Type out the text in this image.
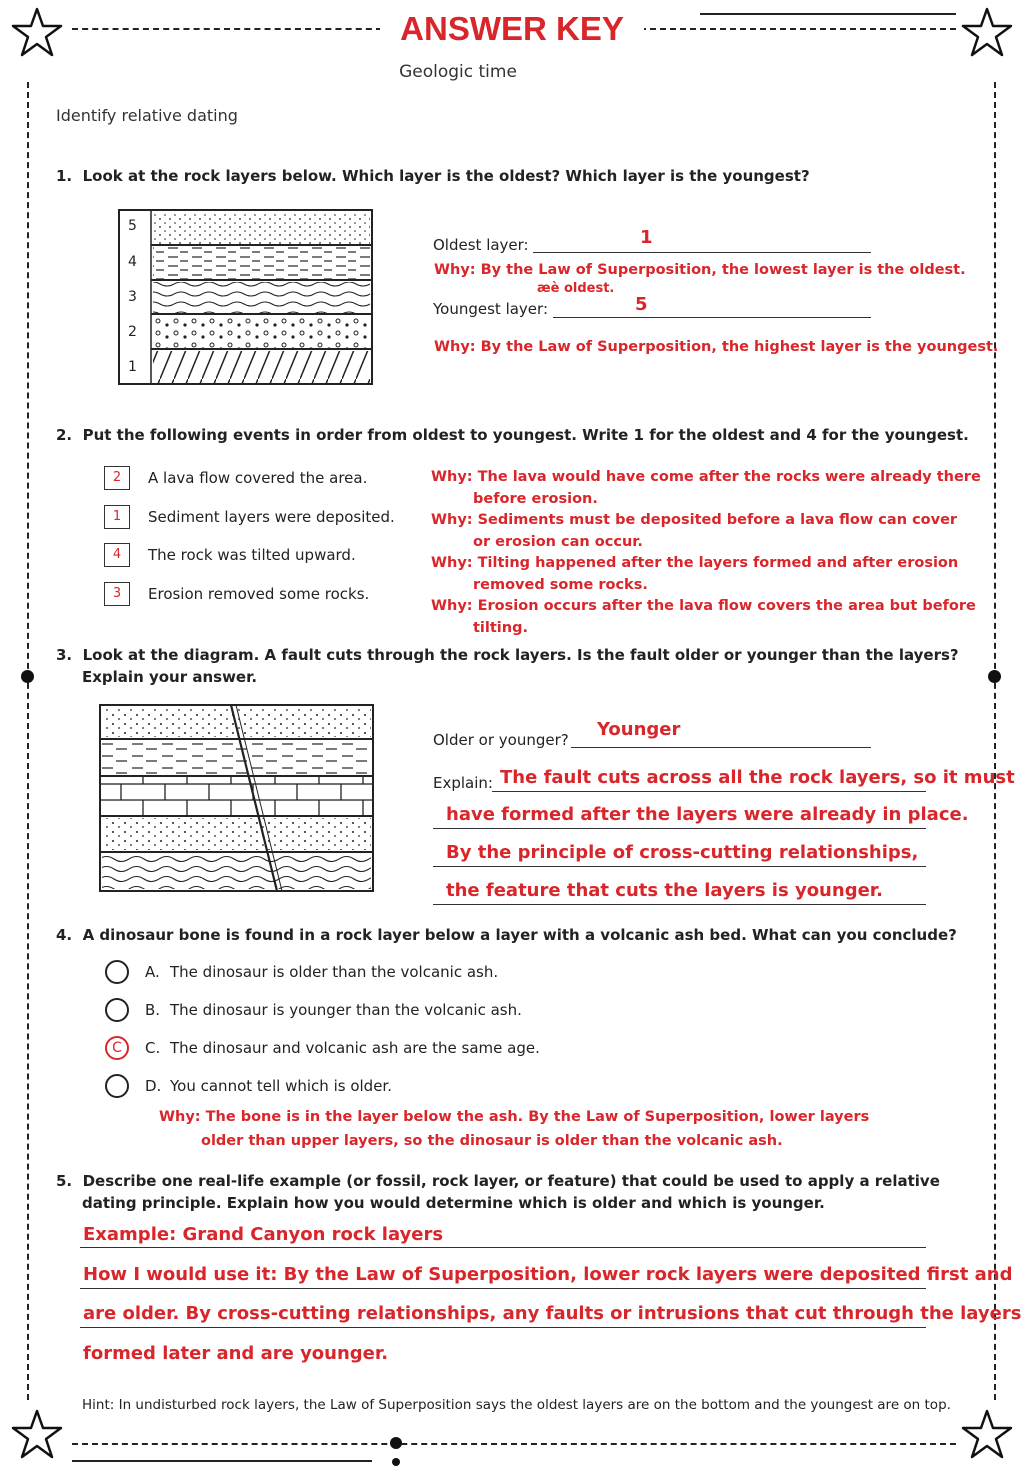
ANSWER KEY
Geologic time
Identify relative dating
1.  Look at the rock layers below. Which layer is the oldest? Which layer is the youngest?
5
4
3
2
1
Oldest layer:	1
Why: By the Law of Superposition, the lowest layer is the oldest.
æè oldest.
Youngest layer:	5
Why: By the Law of Superposition, the highest layer is the youngest.
2.  Put the following events in order from oldest to youngest. Write 1 for the oldest and 4 for the youngest.
2	A lava flow covered the area.
1	Sediment layers were deposited.
4	The rock was tilted upward.
3	Erosion removed some rocks.
Why: The lava would have come after the rocks were already there
before erosion.
Why: Sediments must be deposited before a lava flow can cover
or erosion can occur.
Why: Tilting happened after the layers formed and after erosion
removed some rocks.
Why: Erosion occurs after the lava flow covers the area but before
tilting.
3.  Look at the diagram. A fault cuts through the rock layers. Is the fault older or younger than the layers?
Explain your answer.
Older or younger? Younger
Explain: The fault cuts across all the rock layers, so it must
have formed after the layers were already in place.
By the principle of cross-cutting relationships,
the feature that cuts the layers is younger.
4.  A dinosaur bone is found in a rock layer below a layer with a volcanic ash bed. What can you conclude?
A. The dinosaur is older than the volcanic ash.
B. The dinosaur is younger than the volcanic ash.
C	C. The dinosaur and volcanic ash are the same age.
D. You cannot tell which is older.
Why: The bone is in the layer below the ash. By the Law of Superposition, lower layers
older than upper layers, so the dinosaur is older than the volcanic ash.
5.  Describe one real-life example (or fossil, rock layer, or feature) that could be used to apply a relative
dating principle. Explain how you would determine which is older and which is younger.
Example: Grand Canyon rock layers
How I would use it: By the Law of Superposition, lower rock layers were deposited first and
are older. By cross-cutting relationships, any faults or intrusions that cut through the layers
formed later and are younger.
Hint: In undisturbed rock layers, the Law of Superposition says the oldest layers are on the bottom and the youngest are on top.
